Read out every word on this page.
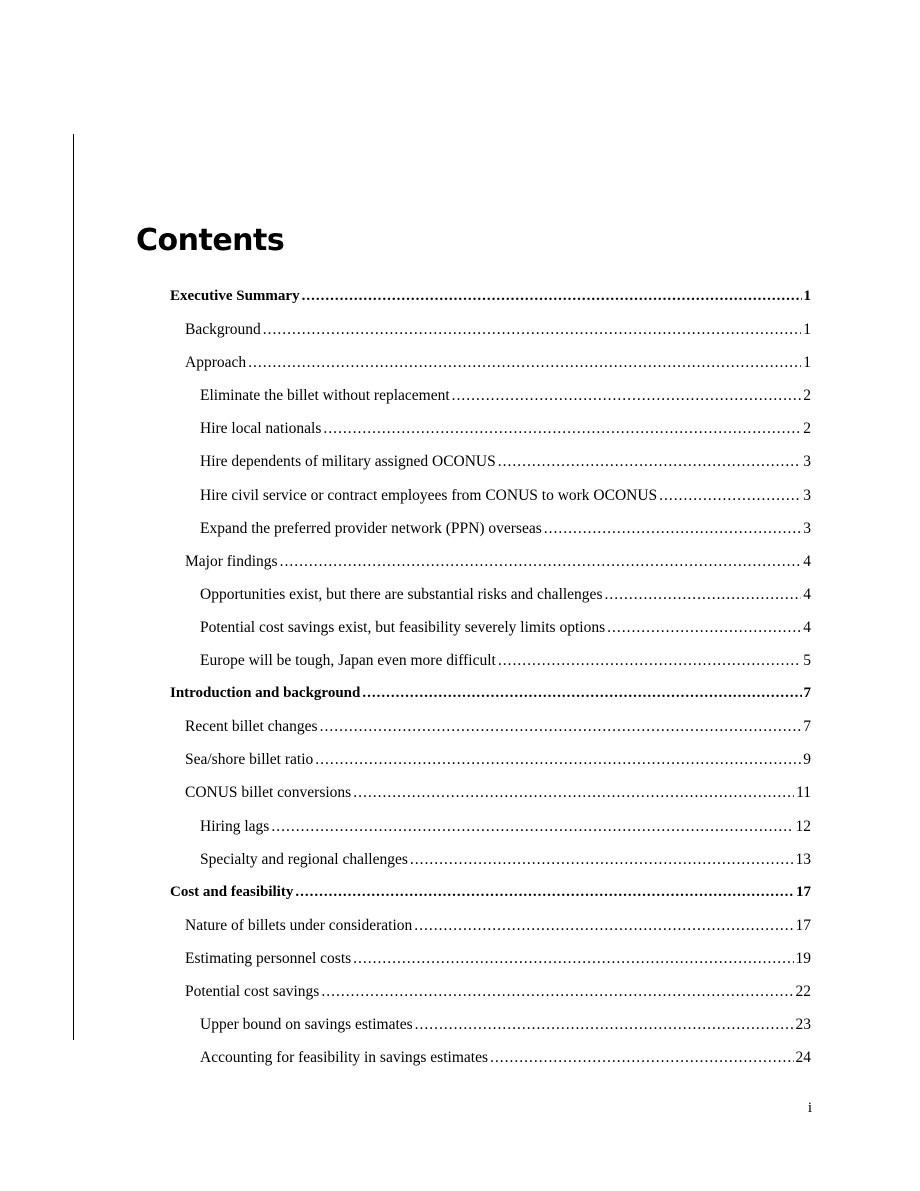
Contents
Executive Summary .....	1
Background .....	1
Approach .....	1
Eliminate the billet without replacement .....	2
Hire local nationals .....	2
Hire dependents of military assigned OCONUS .....	3
Hire civil service or contract employees from CONUS to work OCONUS .....	3
Expand the preferred provider network (PPN) overseas .....	3
Major findings .....	4
Opportunities exist, but there are substantial risks and challenges .....	4
Potential cost savings exist, but feasibility severely limits options .....	4
Europe will be tough, Japan even more difficult .....	5
Introduction and background .....	7
Recent billet changes .....	7
Sea/shore billet ratio .....	9
CONUS billet conversions .....	11
Hiring lags .....	12
Specialty and regional challenges .....	13
Cost and feasibility .....	17
Nature of billets under consideration .....	17
Estimating personnel costs .....	19
Potential cost savings .....	22
Upper bound on savings estimates .....	23
Accounting for feasibility in savings estimates .....	24
i
